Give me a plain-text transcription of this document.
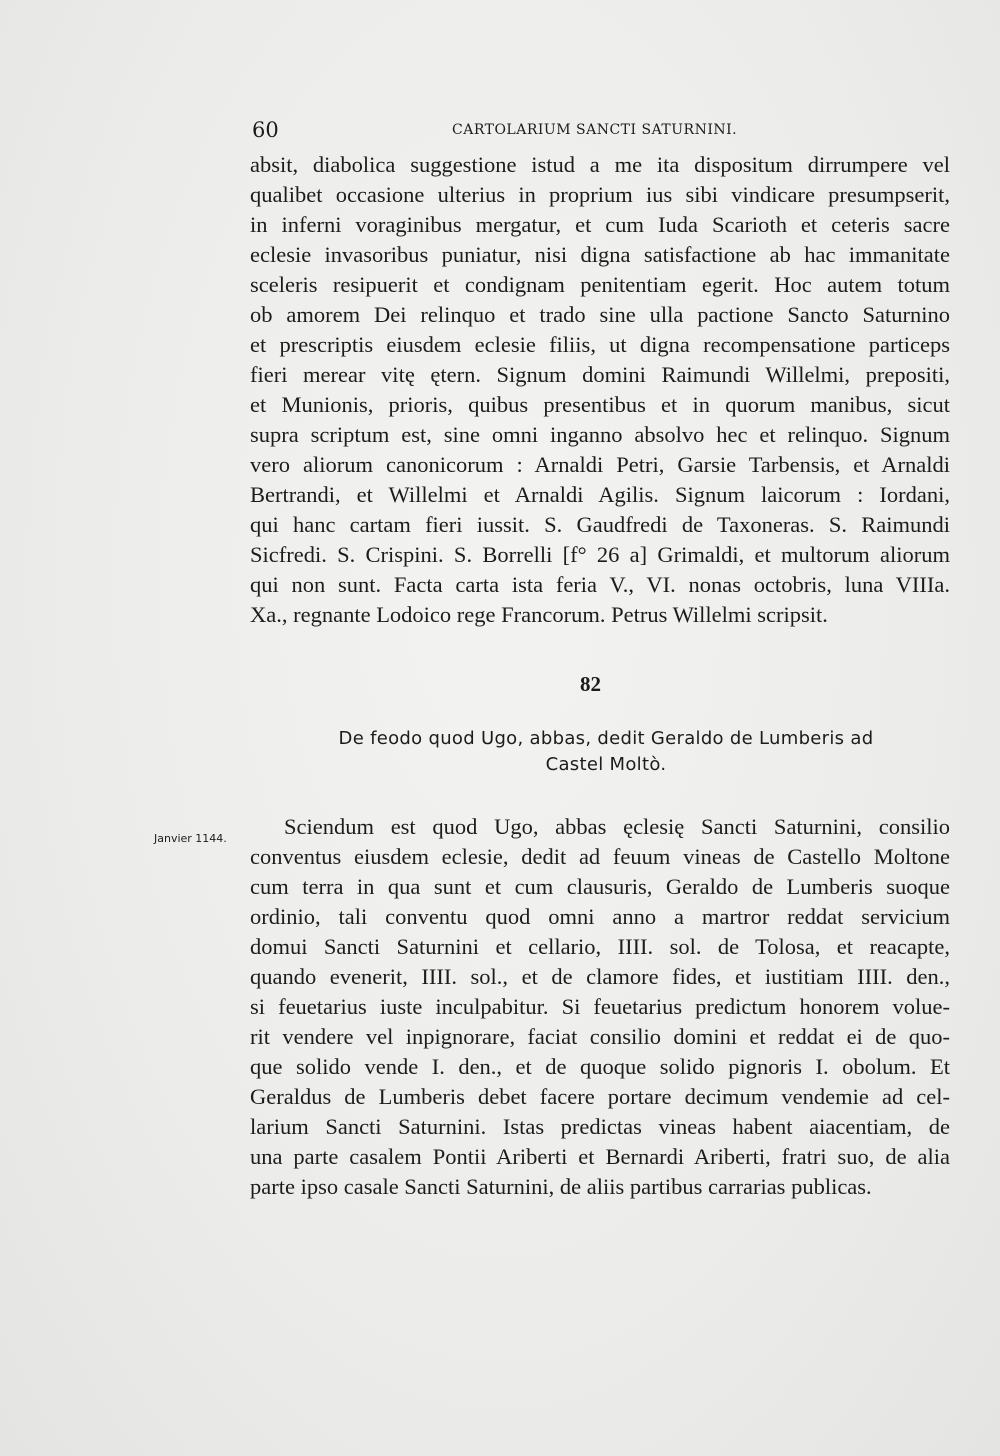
60	CARTOLARIUM SANCTI SATURNINI.
absit, diabolica suggestione istud a me ita dispositum dirrumpere vel
qualibet occasione ulterius in proprium ius sibi vindicare presumpserit,
in inferni voraginibus mergatur, et cum Iuda Scarioth et ceteris sacre
eclesie invasoribus puniatur, nisi digna satisfactione ab hac immanitate
sceleris resipuerit et condignam penitentiam egerit. Hoc autem totum
ob amorem Dei relinquo et trado sine ulla pactione Sancto Saturnino
et prescriptis eiusdem eclesie filiis, ut digna recompensatione particeps
fieri merear vitę ętern. Signum domini Raimundi Willelmi, prepositi,
et Munionis, prioris, quibus presentibus et in quorum manibus, sicut
supra scriptum est, sine omni inganno absolvo hec et relinquo. Signum
vero aliorum canonicorum : Arnaldi Petri, Garsie Tarbensis, et Arnaldi
Bertrandi, et Willelmi et Arnaldi Agilis. Signum laicorum : Iordani,
qui hanc cartam fieri iussit. S. Gaudfredi de Taxoneras. S. Raimundi
Sicfredi. S. Crispini. S. Borrelli [f° 26 a] Grimaldi, et multorum aliorum
qui non sunt. Facta carta ista feria V., VI. nonas octobris, luna VIIIa.
Xa., regnante Lodoico rege Francorum. Petrus Willelmi scripsit.
82
De feodo quod Ugo, abbas, dedit Geraldo de Lumberis ad
Castel Moltò.
Janvier 1144.	Sciendum est quod Ugo, abbas ęclesię Sancti Saturnini, consilio
conventus eiusdem eclesie, dedit ad feuum vineas de Castello Moltone
cum terra in qua sunt et cum clausuris, Geraldo de Lumberis suoque
ordinio, tali conventu quod omni anno a martror reddat servicium
domui Sancti Saturnini et cellario, IIII. sol. de Tolosa, et reacapte,
quando evenerit, IIII. sol., et de clamore fides, et iustitiam IIII. den.,
si feuetarius iuste inculpabitur. Si feuetarius predictum honorem volue-
rit vendere vel inpignorare, faciat consilio domini et reddat ei de quo-
que solido vende I. den., et de quoque solido pignoris I. obolum. Et
Geraldus de Lumberis debet facere portare decimum vendemie ad cel-
larium Sancti Saturnini. Istas predictas vineas habent aiacentiam, de
una parte casalem Pontii Ariberti et Bernardi Ariberti, fratri suo, de alia
parte ipso casale Sancti Saturnini, de aliis partibus carrarias publicas.
